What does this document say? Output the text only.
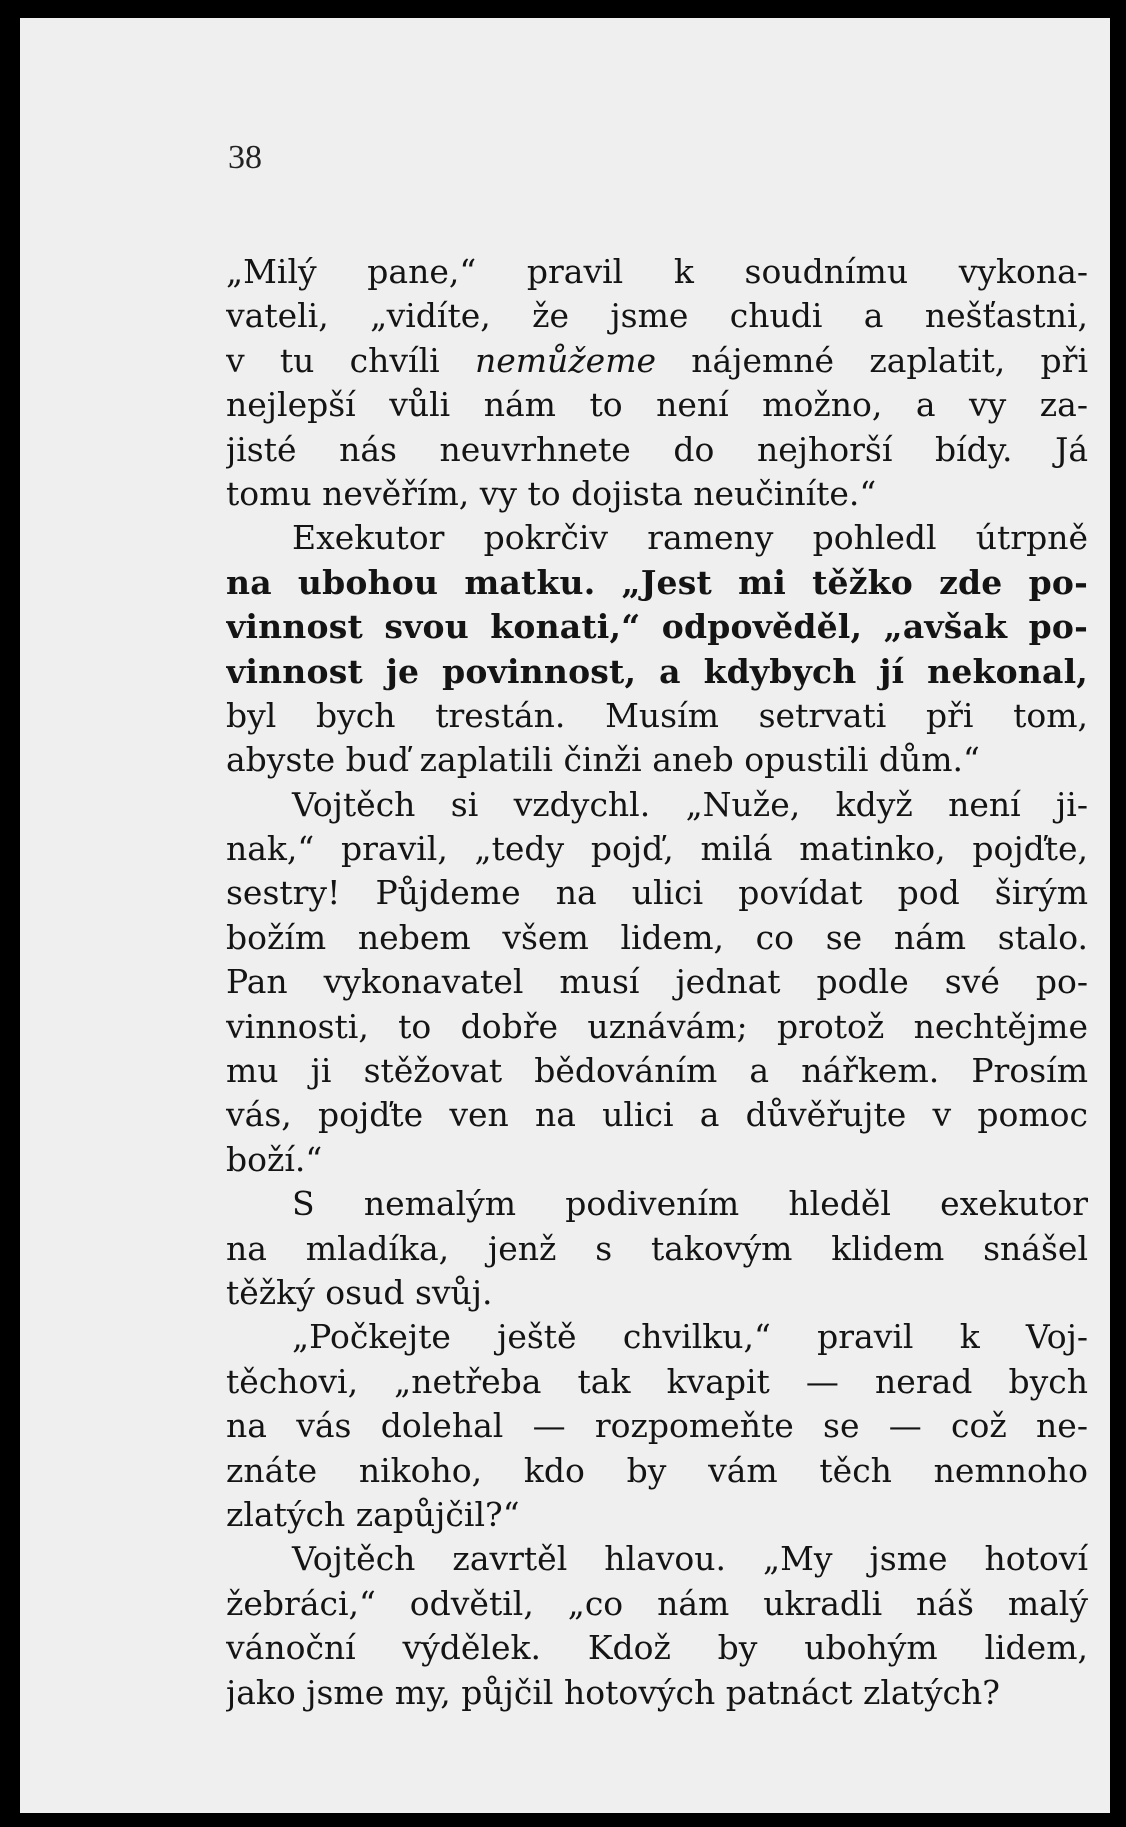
38
„Milý pane,“ pravil k soudnímu vykona-
vateli, „vidíte, že jsme chudi a nešťastni,
v tu chvíli nemůžeme nájemné zaplatit, při
nejlepší vůli nám to není možno, a vy za-
jisté nás neuvrhnete do nejhorší bídy. Já
tomu nevěřím, vy to dojista neučiníte.“
Exekutor pokrčiv rameny pohledl útrpně
na ubohou matku. „Jest mi těžko zde po-
vinnost svou konati,“ odpověděl, „avšak po-
vinnost je povinnost, a kdybych jí nekonal,
byl bych trestán. Musím setrvati při tom,
abyste buď zaplatili činži aneb opustili dům.“
Vojtěch si vzdychl. „Nuže, když není ji-
nak,“ pravil, „tedy pojď, milá matinko, pojďte,
sestry! Půjdeme na ulici povídat pod širým
božím nebem všem lidem, co se nám stalo.
Pan vykonavatel musí jednat podle své po-
vinnosti, to dobře uznávám; protož nechtějme
mu ji stěžovat bědováním a nářkem. Prosím
vás, pojďte ven na ulici a důvěřujte v pomoc
boží.“
S nemalým podivením hleděl exekutor
na mladíka, jenž s takovým klidem snášel
těžký osud svůj.
„Počkejte ještě chvilku,“ pravil k Voj-
těchovi, „netřeba tak kvapit — nerad bych
na vás dolehal — rozpomeňte se — což ne-
znáte nikoho, kdo by vám těch nemnoho
zlatých zapůjčil?“
Vojtěch zavrtěl hlavou. „My jsme hotoví
žebráci,“ odvětil, „co nám ukradli náš malý
vánoční výdělek. Kdož by ubohým lidem,
jako jsme my, půjčil hotových patnáct zlatých?
